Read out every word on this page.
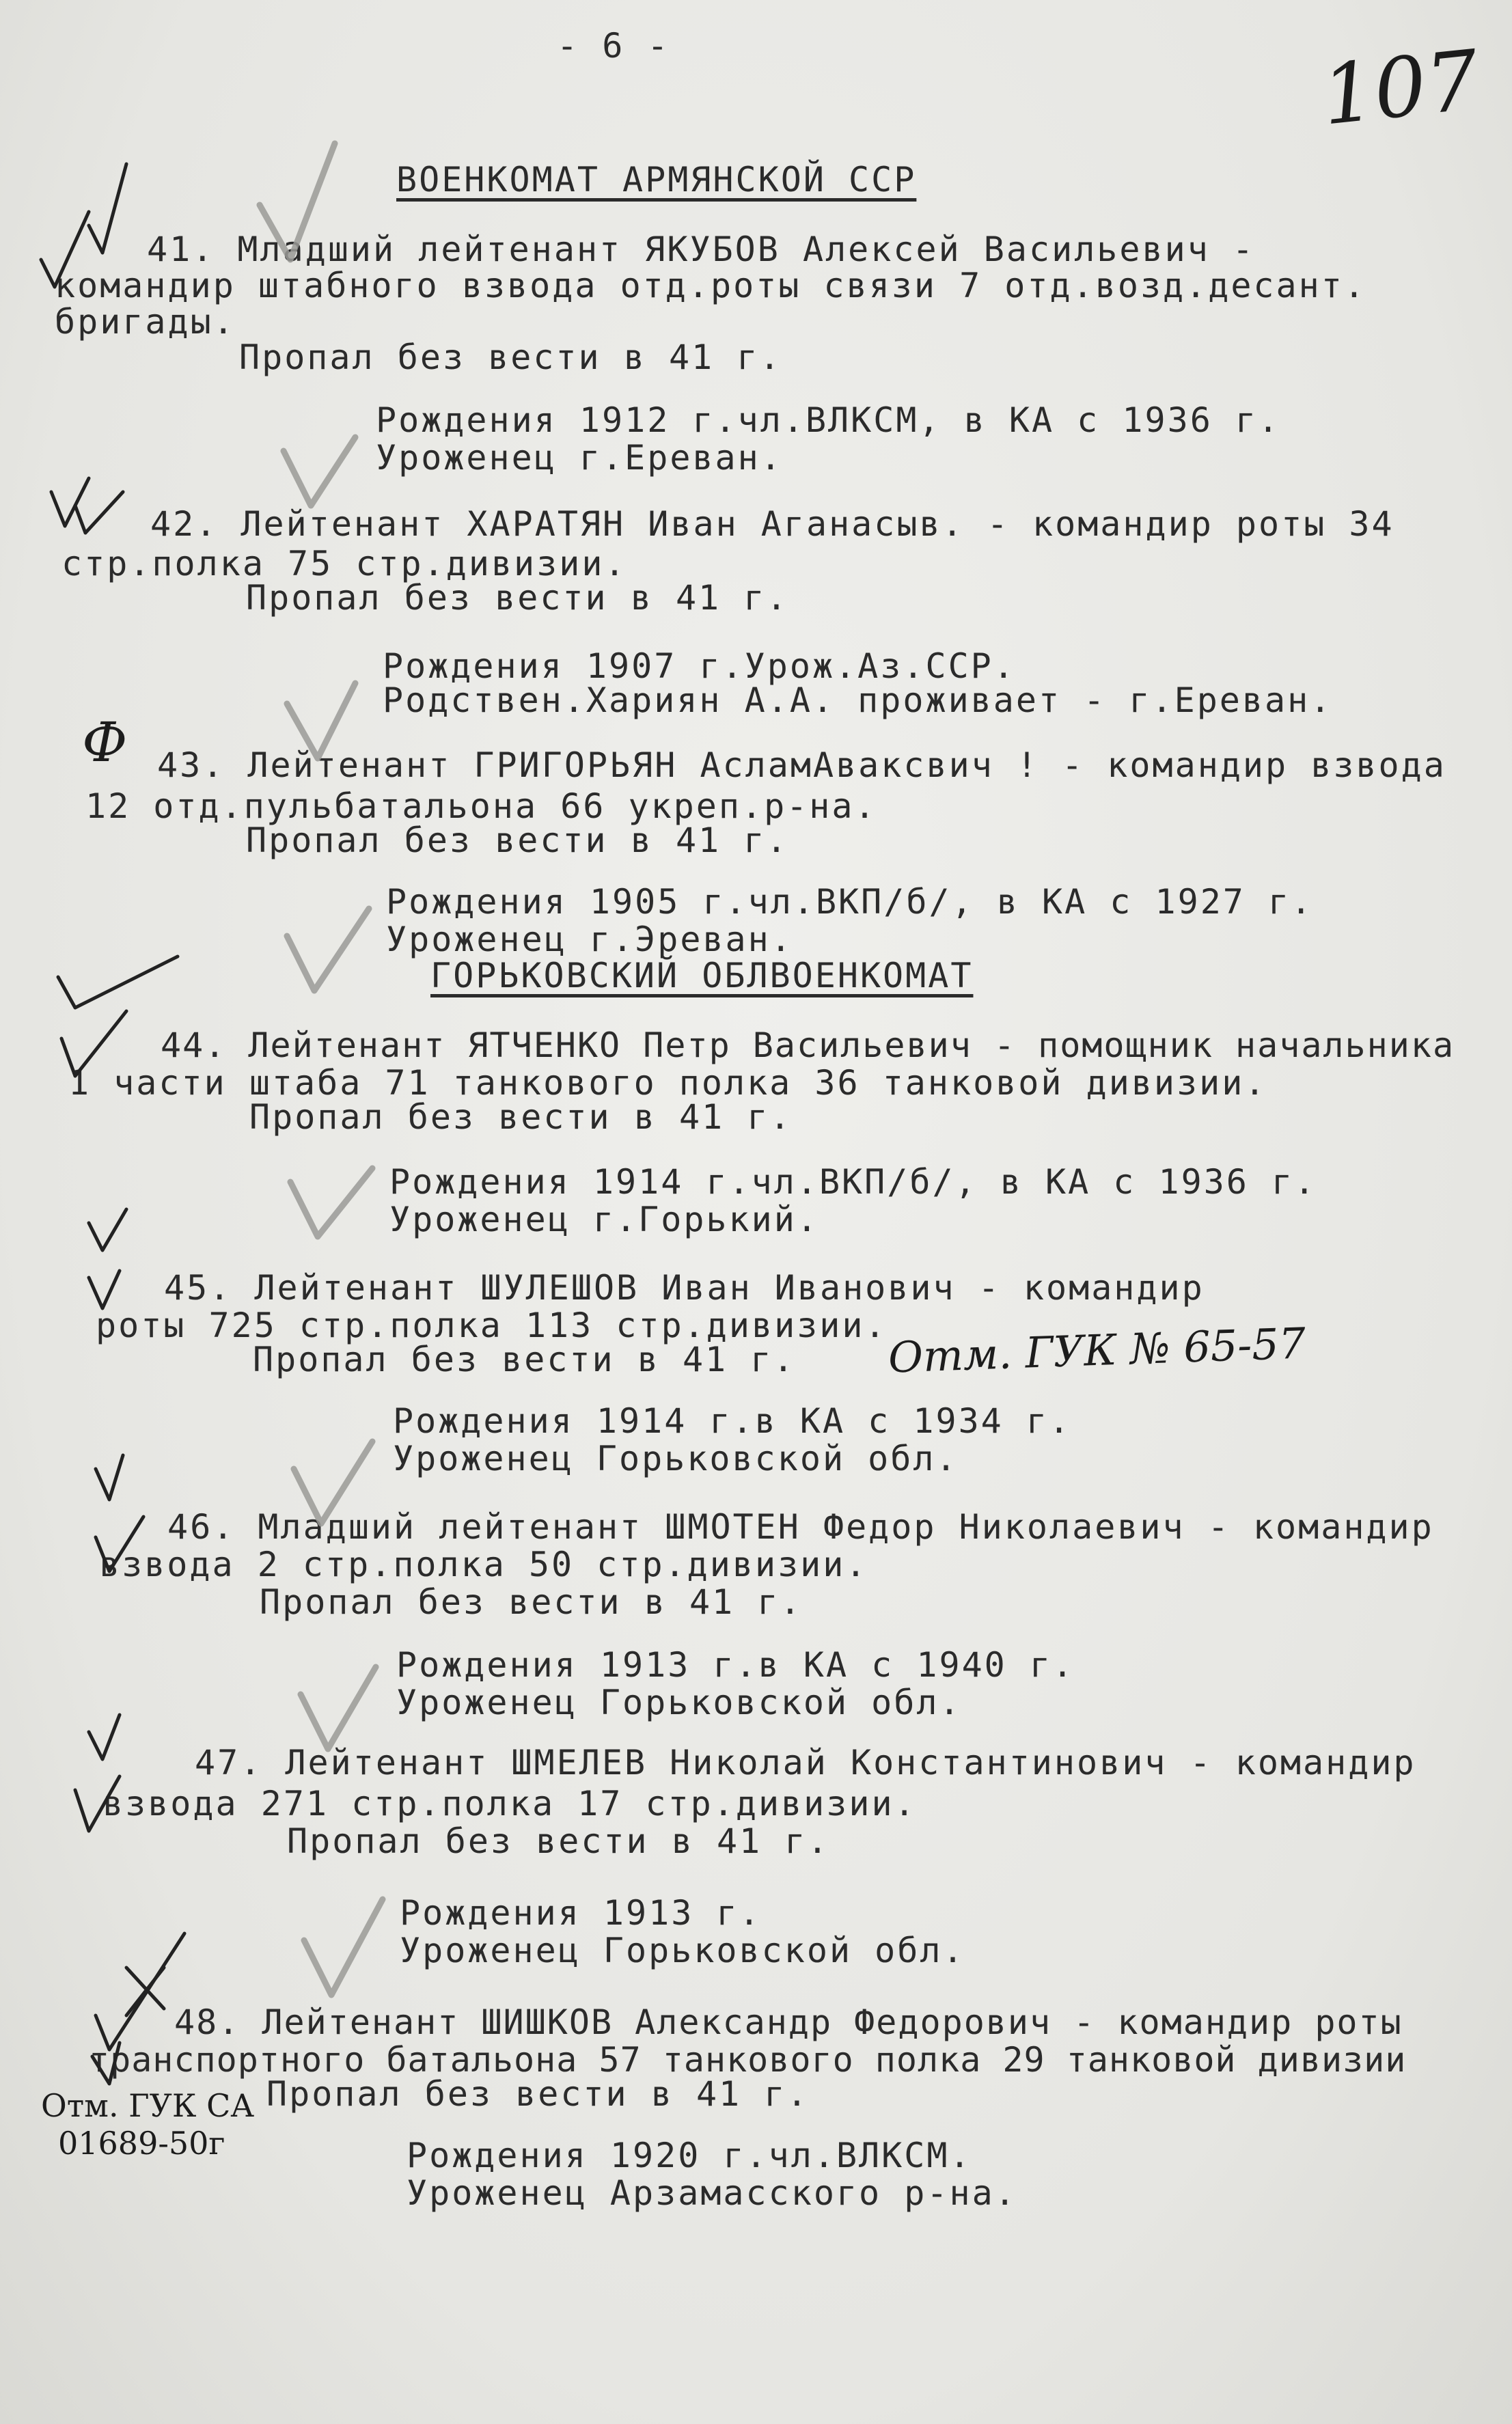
- 6 -	107
ВОЕНКОМАТ АРМЯНСКОЙ ССР
41. Младший лейтенант ЯКУБОВ Алексей Васильевич -
командир штабного взвода отд.роты связи 7 отд.возд.десант.
бригады.
Пропал без вести в 41 г.
Рождения 1912 г.чл.ВЛКСМ, в КА с 1936 г.
Уроженец г.Ереван.
42. Лейтенант ХАРАТЯН Иван Аганасыв. - командир роты 34
стр.полка 75 стр.дивизии.
Пропал без вести в 41 г.
Рождения 1907 г.Урож.Аз.ССР.
Родствен.Хариян А.А. проживает - г.Ереван.
43. Лейтенант ГРИГОРЬЯН АсламАваксвич ! - командир взвода
12 отд.пульбатальона 66 укреп.р-на.
Пропал без вести в 41 г.
Рождения 1905 г.чл.ВКП/б/, в КА с 1927 г.
Уроженец г.Эреван.
Ф
ГОРЬКОВСКИЙ ОБЛВОЕНКОМАТ
44. Лейтенант ЯТЧЕНКО Петр Васильевич - помощник начальника
1 части штаба 71 танкового полка 36 танковой дивизии.
Пропал без вести в 41 г.
Рождения 1914 г.чл.ВКП/б/, в КА с 1936 г.
Уроженец г.Горький.
45. Лейтенант ШУЛЕШОВ Иван Иванович - командир
роты 725 стр.полка 113 стр.дивизии.
Пропал без вести в 41 г. Отм. ГУК № 65-57
Рождения 1914 г.в КА с 1934 г.
Уроженец Горьковской обл.
46. Младший лейтенант ШМОТЕН Федор Николаевич - командир
взвода 2 стр.полка 50 стр.дивизии.
Пропал без вести в 41 г.
Рождения 1913 г.в КА с 1940 г.
Уроженец Горьковской обл.
47. Лейтенант ШМЕЛЕВ Николай Константинович - командир
взвода 271 стр.полка 17 стр.дивизии.
Пропал без вести в 41 г.
Рождения 1913 г.
Уроженец Горьковской обл.
48. Лейтенант ШИШКОВ Александр Федорович - командир роты
транспортного батальона 57 танкового полка 29 танковой дивизии
Пропал без вести в 41 г.
Отм. ГУК СА
01689-50г	Рождения 1920 г.чл.ВЛКСМ.
Уроженец Арзамасского р-на.
